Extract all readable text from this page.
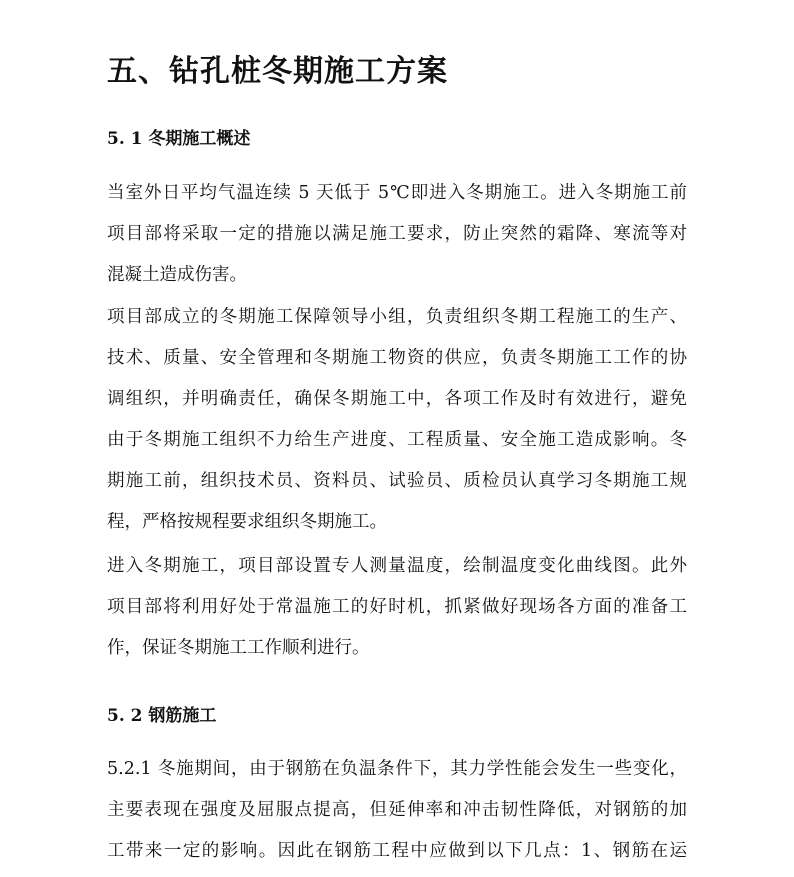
五、钻孔桩冬期施工方案
5. 1 冬期施工概述
当室外日平均气温连续 5 天低于 5℃即进入冬期施工。进入冬期施工前
项目部将采取一定的措施以满足施工要求，防止突然的霜降、寒流等对
混凝土造成伤害。
项目部成立的冬期施工保障领导小组，负责组织冬期工程施工的生产、
技术、质量、安全管理和冬期施工物资的供应，负责冬期施工工作的协
调组织，并明确责任，确保冬期施工中，各项工作及时有效进行，避免
由于冬期施工组织不力给生产进度、工程质量、安全施工造成影响。冬
期施工前，组织技术员、资料员、试验员、质检员认真学习冬期施工规
程，严格按规程要求组织冬期施工。
进入冬期施工，项目部设置专人测量温度，绘制温度变化曲线图。此外
项目部将利用好处于常温施工的好时机，抓紧做好现场各方面的准备工
作，保证冬期施工工作顺利进行。
5. 2 钢筋施工
5.2.1 冬施期间，由于钢筋在负温条件下，其力学性能会发生一些变化，
主要表现在强度及屈服点提高，但延伸率和冲击韧性降低，对钢筋的加
工带来一定的影响。因此在钢筋工程中应做到以下几点：1、钢筋在运
